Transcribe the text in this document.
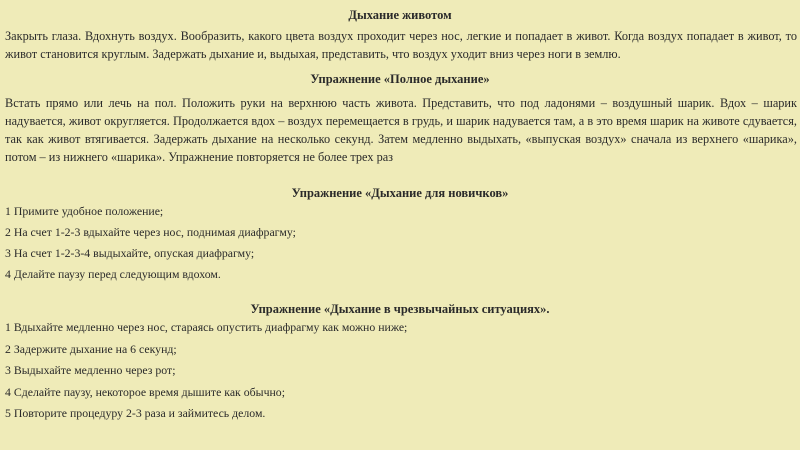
Дыхание животом
Закрыть глаза. Вдохнуть воздух. Вообразить, какого цвета воздух проходит через нос, легкие и попадает в живот. Когда воздух попадает в живот, то живот становится круглым. Задержать дыхание и, выдыхая, представить, что воздух уходит вниз через ноги в землю.
Упражнение «Полное дыхание»
Встать прямо или лечь на пол. Положить руки на верхнюю часть живота. Представить, что под ладонями – воздушный шарик. Вдох – шарик надувается, живот округляется. Продолжается вдох – воздух перемещается в грудь, и шарик надувается там, а в это время шарик на животе сдувается, так как живот втягивается. Задержать дыхание на несколько секунд. Затем медленно выдыхать, «выпуская воздух» сначала из верхнего «шарика», потом – из нижнего «шарика». Упражнение повторяется не более трех раз
Упражнение «Дыхание для новичков»
1 Примите удобное положение;
2 На счет 1-2-3 вдыхайте через нос, поднимая диафрагму;
3 На счет 1-2-3-4 выдыхайте, опуская диафрагму;
4 Делайте паузу перед следующим вдохом.
Упражнение «Дыхание в чрезвычайных ситуациях».
1 Вдыхайте медленно через нос, стараясь опустить диафрагму как можно ниже;
2 Задержите дыхание на 6 секунд;
3 Выдыхайте медленно через рот;
4 Сделайте паузу, некоторое время дышите как обычно;
5 Повторите процедуру 2-3 раза и займитесь делом.
